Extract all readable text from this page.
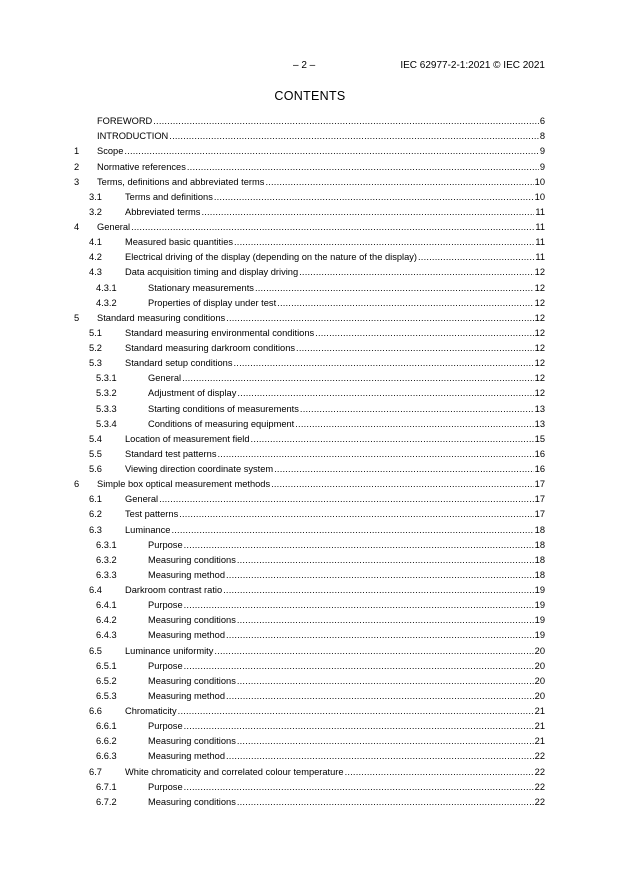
– 2 –	IEC 62977-2-1:2021 © IEC 2021
CONTENTS
FOREWORD .....	6
INTRODUCTION .....	8
1	Scope .....	9
2	Normative references .....	9
3	Terms, definitions and abbreviated terms .....	10
3.1	Terms and definitions .....	10
3.2	Abbreviated terms .....	11
4	General .....	11
4.1	Measured basic quantities .....	11
4.2	Electrical driving of the display (depending on the nature of the display) .....	11
4.3	Data acquisition timing and display driving .....	12
4.3.1	Stationary measurements .....	12
4.3.2	Properties of display under test .....	12
5	Standard measuring conditions .....	12
5.1	Standard measuring environmental conditions .....	12
5.2	Standard measuring darkroom conditions .....	12
5.3	Standard setup conditions .....	12
5.3.1	General .....	12
5.3.2	Adjustment of display .....	12
5.3.3	Starting conditions of measurements .....	13
5.3.4	Conditions of measuring equipment .....	13
5.4	Location of measurement field .....	15
5.5	Standard test patterns .....	16
5.6	Viewing direction coordinate system .....	16
6	Simple box optical measurement methods .....	17
6.1	General .....	17
6.2	Test patterns .....	17
6.3	Luminance .....	18
6.3.1	Purpose .....	18
6.3.2	Measuring conditions .....	18
6.3.3	Measuring method .....	18
6.4	Darkroom contrast ratio .....	19
6.4.1	Purpose .....	19
6.4.2	Measuring conditions .....	19
6.4.3	Measuring method .....	19
6.5	Luminance uniformity .....	20
6.5.1	Purpose .....	20
6.5.2	Measuring conditions .....	20
6.5.3	Measuring method .....	20
6.6	Chromaticity .....	21
6.6.1	Purpose .....	21
6.6.2	Measuring conditions .....	21
6.6.3	Measuring method .....	22
6.7	White chromaticity and correlated colour temperature .....	22
6.7.1	Purpose .....	22
6.7.2	Measuring conditions .....	22
